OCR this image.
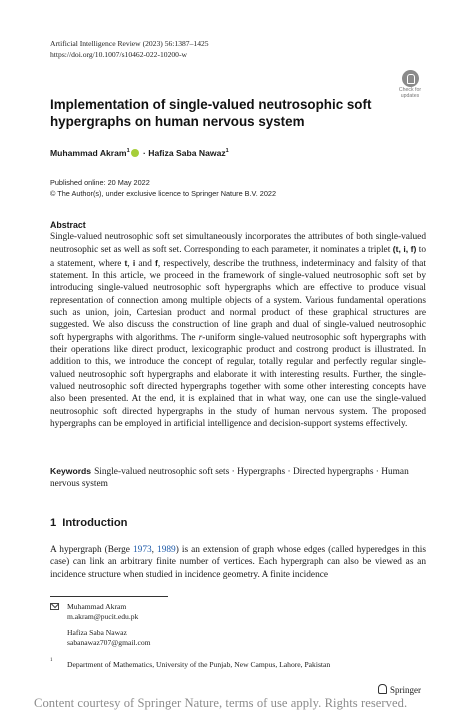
Artificial Intelligence Review (2023) 56:1387–1425
https://doi.org/10.1007/s10462-022-10200-w
Check for
updates
Implementation of single-valued neutrosophic soft hypergraphs on human nervous system
Muhammad Akram$^1$ · Hafiza Saba Nawaz$^1$
Published online: 20 May 2022
© The Author(s), under exclusive licence to Springer Nature B.V. 2022
Abstract

Single-valued neutrosophic soft set simultaneously incorporates the attributes of both single-valued neutrosophic set as well as soft set. Corresponding to each parameter, it nominates a triplet (t, i, f) to a statement, where t, i and f, respectively, describe the truthness, indeterminacy and falsity of that statement. In this article, we proceed in the framework of single-valued neutrosophic soft set by introducing single-valued neutrosophic soft hypergraphs which are effective to produce visual representation of connection among multiple objects of a system. Various fundamental operations such as union, join, Cartesian product and normal product of these graphical structures are suggested. We also discuss the construction of line graph and dual of single-valued neutrosophic soft hypergraphs with algorithms. The r-uniform single-valued neutrosophic soft hypergraphs with their operations like direct product, lexicographic product and costrong product is illustrated. In addition to this, we introduce the concept of regular, totally regular and perfectly regular single-valued neutrosophic soft hypergraphs and elaborate it with interesting results. Further, the single-valued neutrosophic soft directed hypergraphs together with some other interesting concepts have also been presented. At the end, it is explained that in what way, one can use the single-valued neutrosophic soft directed hypergraphs in the study of human nervous system. The proposed hypergraphs can be employed in artificial intelligence and decision-support systems effectively.

Keywords Single-valued neutrosophic soft sets · Hypergraphs · Directed hypergraphs · Human nervous system

1 Introduction

A hypergraph (Berge 1973, 1989) is an extension of graph whose edges (called hyperedges in this case) can link an arbitrary finite number of vertices. Each hypergraph can also be viewed as an incidence structure when studied in incidence geometry. A finite incidence

Muhammad Akram
m.akram@pucit.edu.pk
Hafiza Saba Nawaz
sabanawaz707@gmail.com
1 Department of Mathematics, University of the Punjab, New Campus, Lahore, Pakistan
Springer
Content courtesy of Springer Nature, terms of use apply. Rights reserved.
